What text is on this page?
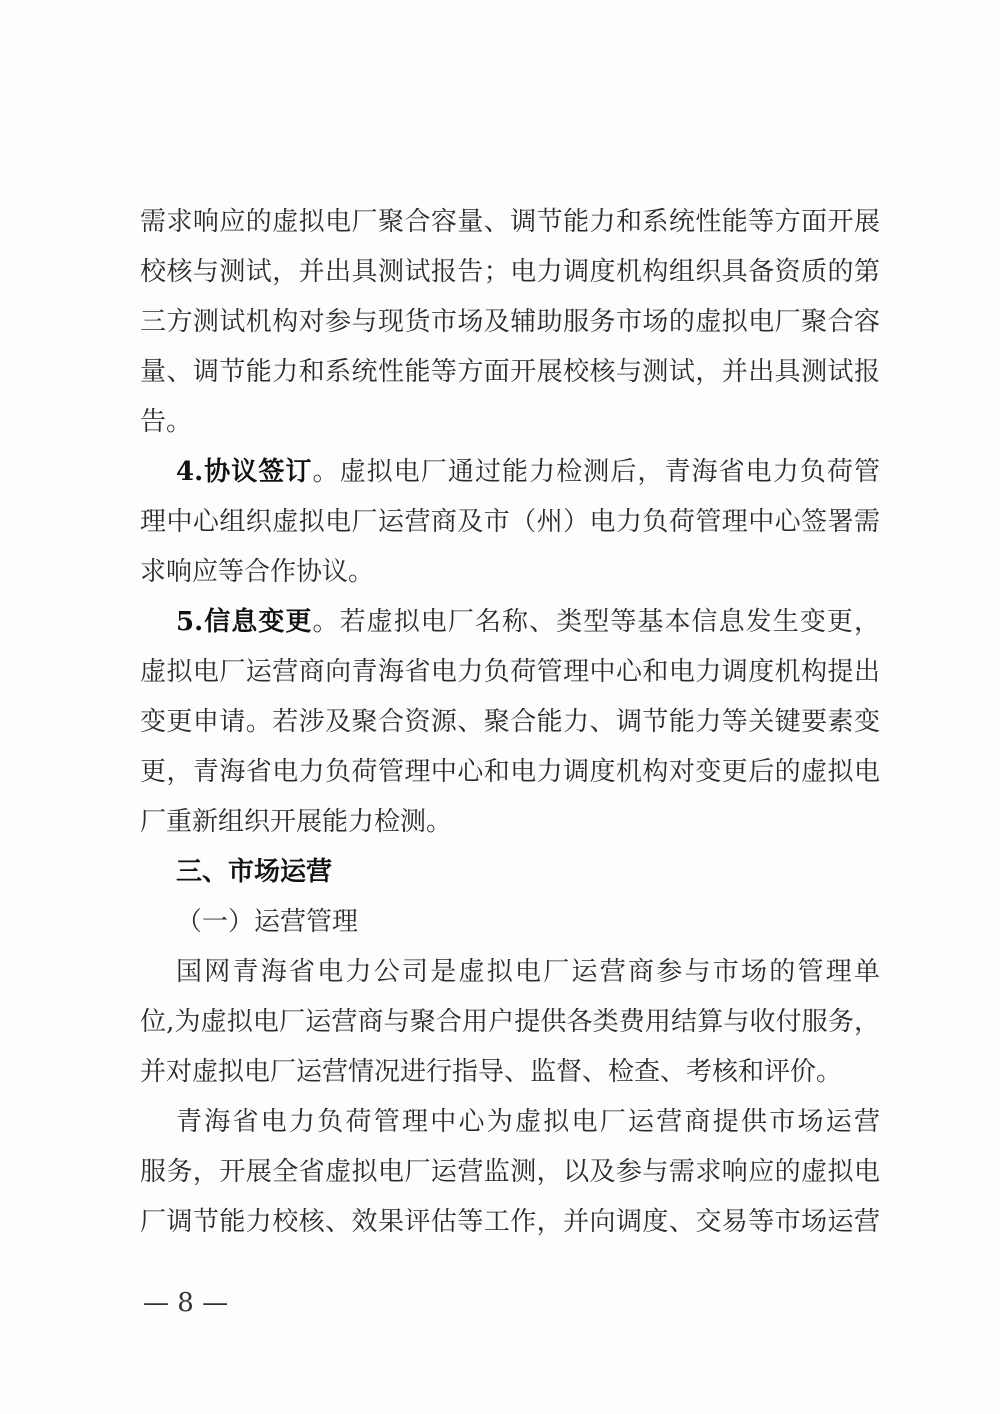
需求响应的虚拟电厂聚合容量、调节能力和系统性能等方面开展
校核与测试，并出具测试报告；电力调度机构组织具备资质的第
三方测试机构对参与现货市场及辅助服务市场的虚拟电厂聚合容
量、调节能力和系统性能等方面开展校核与测试，并出具测试报
告。
4.协议签订。虚拟电厂通过能力检测后，青海省电力负荷管
理中心组织虚拟电厂运营商及市（州）电力负荷管理中心签署需
求响应等合作协议。
5.信息变更。若虚拟电厂名称、类型等基本信息发生变更，
虚拟电厂运营商向青海省电力负荷管理中心和电力调度机构提出
变更申请。若涉及聚合资源、聚合能力、调节能力等关键要素变
更，青海省电力负荷管理中心和电力调度机构对变更后的虚拟电
厂重新组织开展能力检测。
三、市场运营
（一）运营管理
国网青海省电力公司是虚拟电厂运营商参与市场的管理单
位,为虚拟电厂运营商与聚合用户提供各类费用结算与收付服务，
并对虚拟电厂运营情况进行指导、监督、检查、考核和评价。
青海省电力负荷管理中心为虚拟电厂运营商提供市场运营
服务，开展全省虚拟电厂运营监测，以及参与需求响应的虚拟电
厂调节能力校核、效果评估等工作，并向调度、交易等市场运营
— 8 —
